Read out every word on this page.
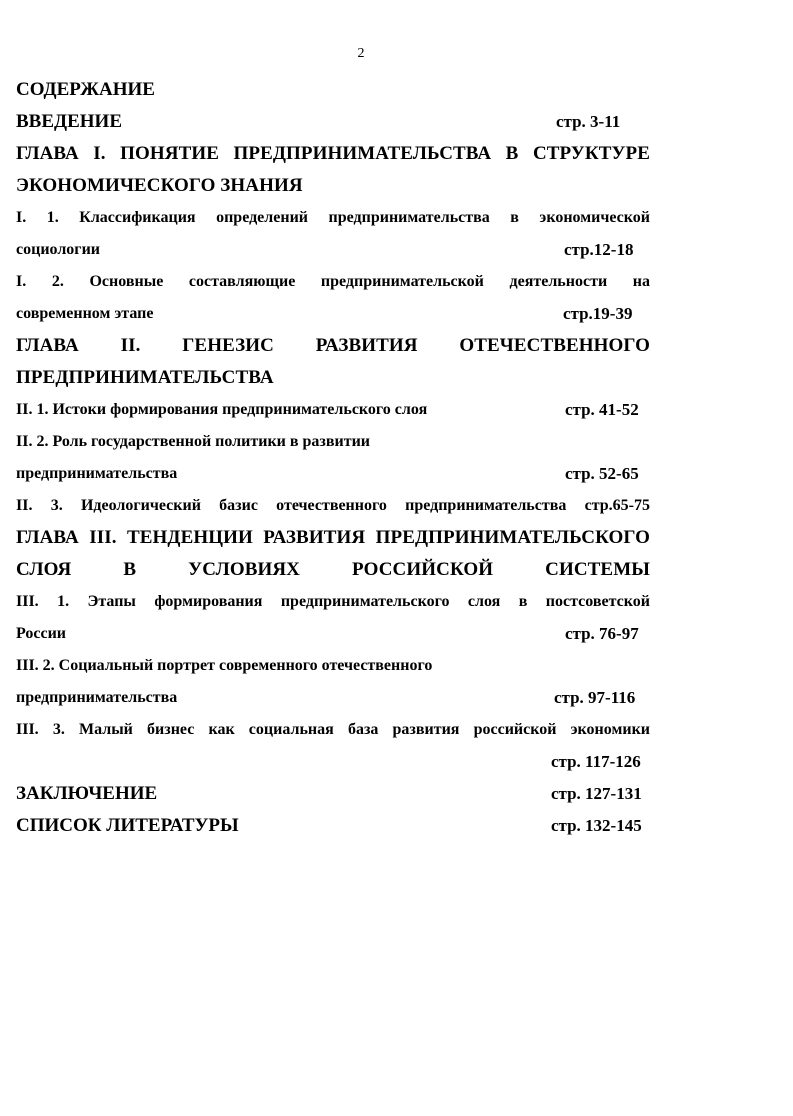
2
СОДЕРЖАНИЕ
ВВЕДЕНИЕ	стр. 3-11
ГЛАВА I. ПОНЯТИЕ ПРЕДПРИНИМАТЕЛЬСТВА В СТРУКТУРЕ
ЭКОНОМИЧЕСКОГО ЗНАНИЯ
I. 1. Классификация определений предпринимательства в экономической
социологии	стр.12-18
I. 2. Основные составляющие предпринимательской деятельности на
современном этапе	стр.19-39
ГЛАВА II. ГЕНЕЗИС РАЗВИТИЯ ОТЕЧЕСТВЕННОГО
ПРЕДПРИНИМАТЕЛЬСТВА
II. 1. Истоки формирования предпринимательского слоя	стр. 41-52
II. 2. Роль государственной политики в развитии
предпринимательства	стр. 52-65
II. 3. Идеологический базис отечественного предпринимательства стр.65-75
ГЛАВА III. ТЕНДЕНЦИИ РАЗВИТИЯ ПРЕДПРИНИМАТЕЛЬСКОГО
СЛОЯ В УСЛОВИЯХ РОССИЙСКОЙ СИСТЕМЫ
III. 1. Этапы формирования предпринимательского слоя в постсоветской
России	стр. 76-97
III. 2. Социальный портрет современного отечественного
предпринимательства	стр. 97-116
III. 3. Малый бизнес как социальная база развития российской экономики
стр. 117-126
ЗАКЛЮЧЕНИЕ	стр. 127-131
СПИСОК ЛИТЕРАТУРЫ	стр. 132-145
